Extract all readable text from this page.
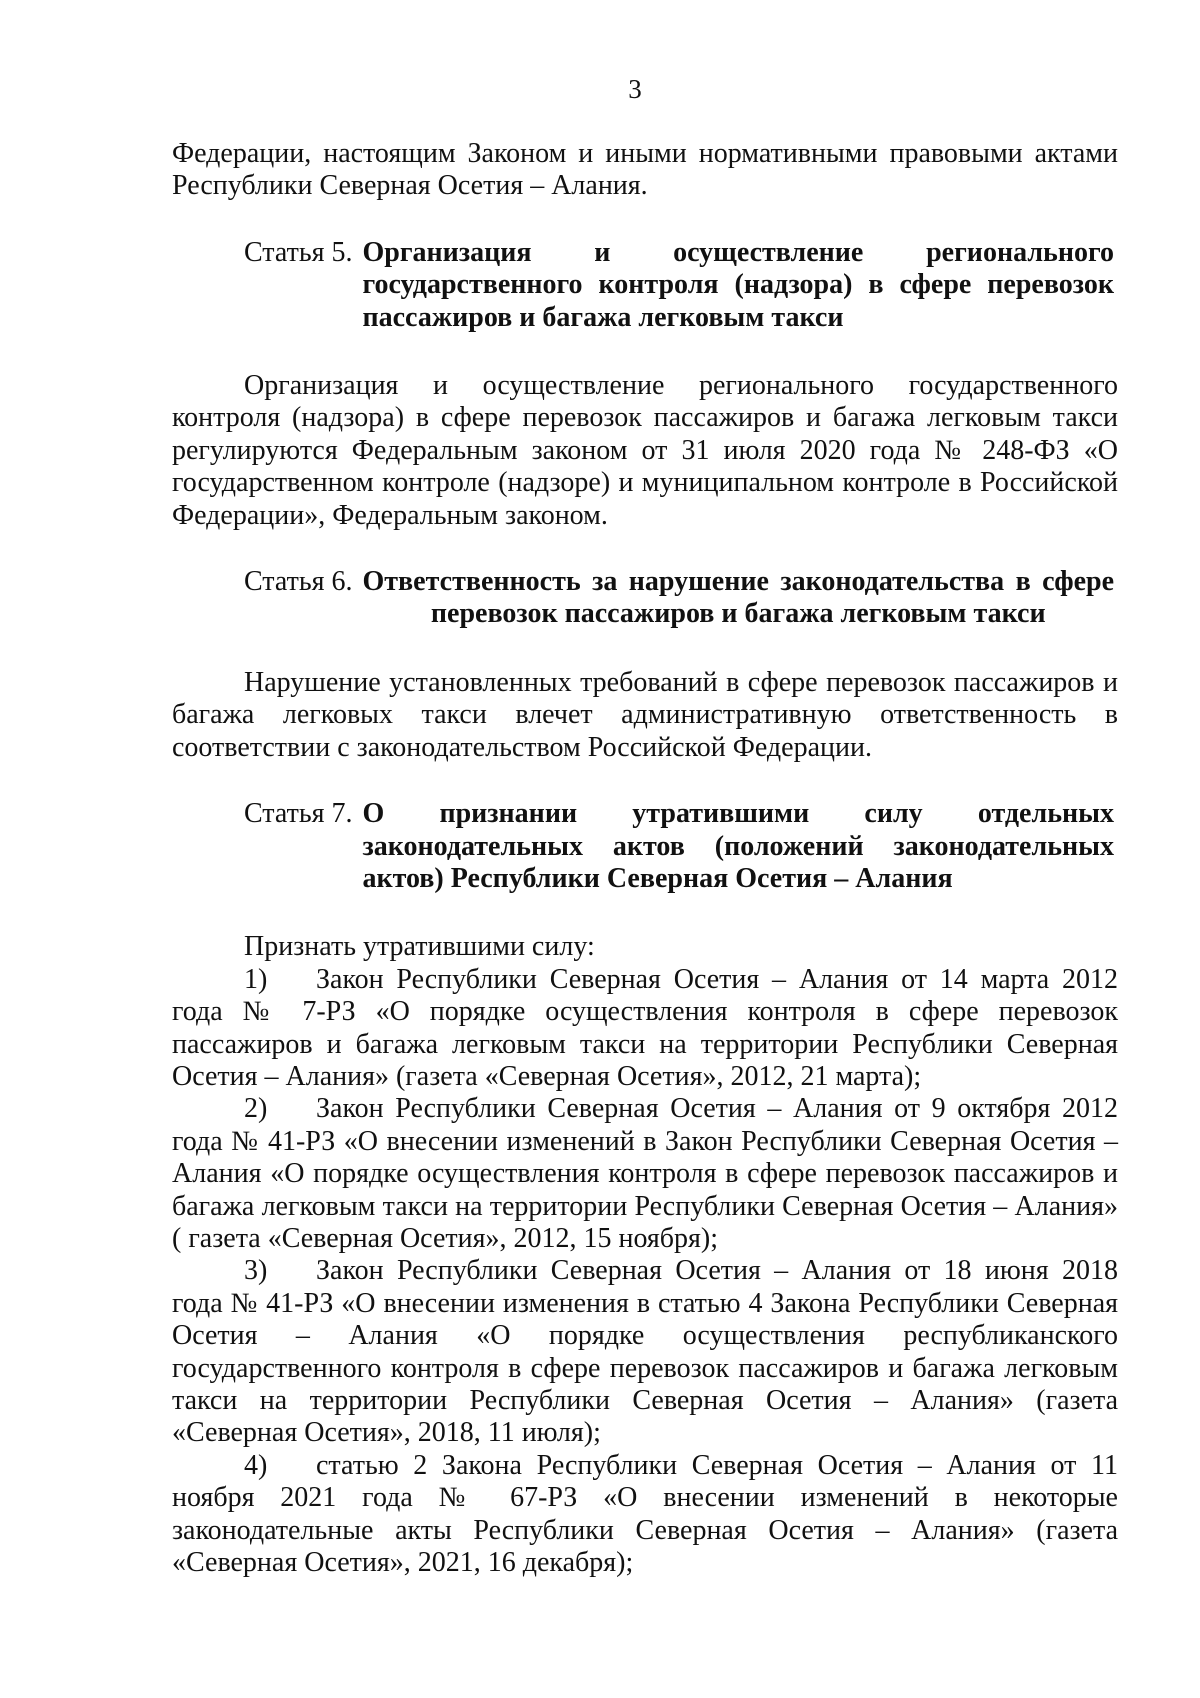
3

Федерации, настоящим Законом и иными нормативными правовыми актами Республики Северная Осетия – Алания.

Статья 5. Организация и осуществление регионального государственного контроля (надзора) в сфере перевозок пассажиров и багажа легковым такси

Организация и осуществление регионального государственного контроля (надзора) в сфере перевозок пассажиров и багажа легковым такси регулируются Федеральным законом от 31 июля 2020 года № 248-ФЗ «О государственном контроле (надзоре) и муниципальном контроле в Российской Федерации», Федеральным законом.

Статья 6. Ответственность за нарушение законодательства в сфере перевозок пассажиров и багажа легковым такси

Нарушение установленных требований в сфере перевозок пассажиров и багажа легковых такси влечет административную ответственность в соответствии с законодательством Российской Федерации.

Статья 7. О признании утратившими силу отдельных законодательных актов (положений законодательных актов) Республики Северная Осетия – Алания

Признать утратившими силу:

1) Закон Республики Северная Осетия – Алания от 14 марта 2012 года № 7-РЗ «О порядке осуществления контроля в сфере перевозок пассажиров и багажа легковым такси на территории Республики Северная Осетия – Алания» (газета «Северная Осетия», 2012, 21 марта);

2) Закон Республики Северная Осетия – Алания от 9 октября 2012 года № 41-РЗ «О внесении изменений в Закон Республики Северная Осетия – Алания «О порядке осуществления контроля в сфере перевозок пассажиров и багажа легковым такси на территории Республики Северная Осетия – Алания» ( газета «Северная Осетия», 2012, 15 ноября);

3) Закон Республики Северная Осетия – Алания от 18 июня 2018 года № 41-РЗ «О внесении изменения в статью 4 Закона Республики Северная Осетия – Алания «О порядке осуществления республиканского государственного контроля в сфере перевозок пассажиров и багажа легковым такси на территории Республики Северная Осетия – Алания» (газета «Северная Осетия», 2018, 11 июля);

4) статью 2 Закона Республики Северная Осетия – Алания от 11 ноября 2021 года № 67-РЗ «О внесении изменений в некоторые законодательные акты Республики Северная Осетия – Алания» (газета «Северная Осетия», 2021, 16 декабря);
